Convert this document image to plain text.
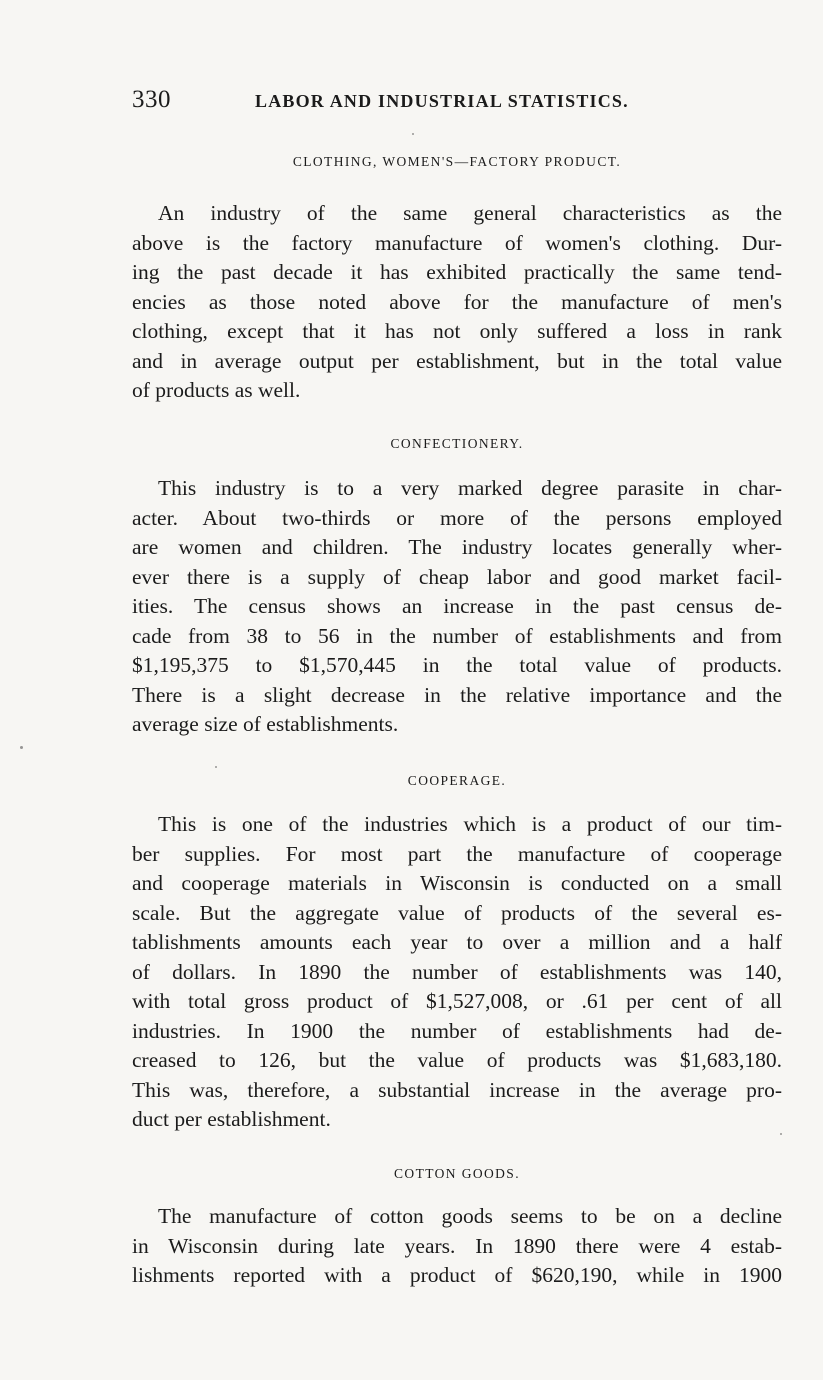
330	LABOR AND INDUSTRIAL STATISTICS.
CLOTHING, WOMEN'S—FACTORY PRODUCT.
An industry of the same general characteristics as the
above is the factory manufacture of women's clothing. Dur-
ing the past decade it has exhibited practically the same tend-
encies as those noted above for the manufacture of men's
clothing, except that it has not only suffered a loss in rank
and in average output per establishment, but in the total value
of products as well.
CONFECTIONERY.
This industry is to a very marked degree parasite in char-
acter. About two-thirds or more of the persons employed
are women and children. The industry locates generally wher-
ever there is a supply of cheap labor and good market facil-
ities. The census shows an increase in the past census de-
cade from 38 to 56 in the number of establishments and from
$1,195,375 to $1,570,445 in the total value of products.
There is a slight decrease in the relative importance and the
average size of establishments.
COOPERAGE.
This is one of the industries which is a product of our tim-
ber supplies. For most part the manufacture of cooperage
and cooperage materials in Wisconsin is conducted on a small
scale. But the aggregate value of products of the several es-
tablishments amounts each year to over a million and a half
of dollars. In 1890 the number of establishments was 140,
with total gross product of $1,527,008, or .61 per cent of all
industries. In 1900 the number of establishments had de-
creased to 126, but the value of products was $1,683,180.
This was, therefore, a substantial increase in the average pro-
duct per establishment.
COTTON GOODS.
The manufacture of cotton goods seems to be on a decline
in Wisconsin during late years. In 1890 there were 4 estab-
lishments reported with a product of $620,190, while in 1900
